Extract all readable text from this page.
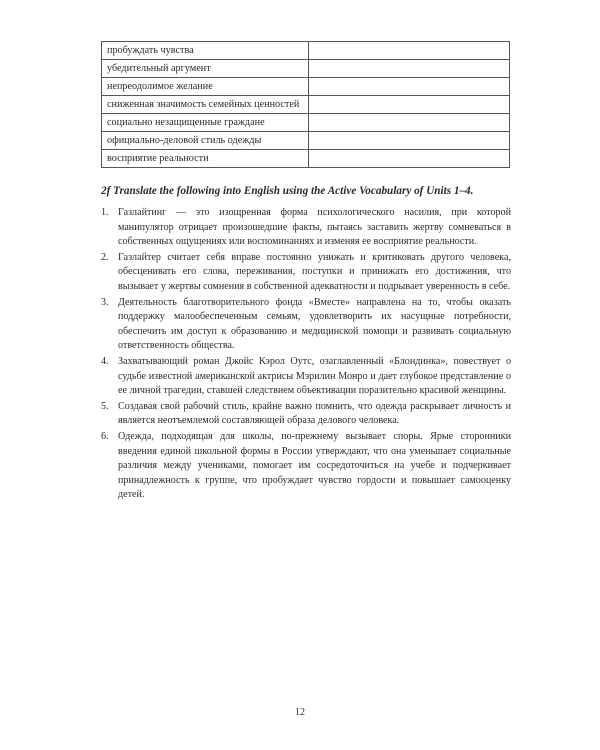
пробуждать чувства	
убедительный аргумент	
непреодолимое желание	
сниженная значимость семейных ценностей	
социально незащищенные граждане	
официально-деловой стиль одежды	
восприятие реальности	

2f Translate the following into English using the Active Vocabulary of Units 1–4.

1. Газлайтинг — это изощренная форма психологического насилия, при которой манипулятор отрицает произошедшие факты, пытаясь заставить жертву сомневаться в собственных ощущениях или воспоминаниях и изменяя ее восприятие реальности.
2. Газлайтер считает себя вправе постоянно унижать и критиковать другого человека, обесценивать его слова, переживания, поступки и принижать его достижения, что вызывает у жертвы сомнения в собственной адекватности и подрывает уверенность в себе.
3. Деятельность благотворительного фонда «Вместе» направлена на то, чтобы оказать поддержку малообеспеченным семьям, удовлетворить их насущные потребности, обеспечить им доступ к образованию и медицинской помощи и развивать социальную ответственность общества.
4. Захватывающий роман Джойс Кэрол Оутс, озаглавленный «Блондинка», повествует о судьбе известной американской актрисы Мэрилин Монро и дает глубокое представление о ее личной трагедии, ставшей следствием объективации поразительно красивой женщины.
5. Создавая свой рабочий стиль, крайне важно помнить, что одежда раскрывает личность и является неотъемлемой составляющей образа делового человека.
6. Одежда, подходящая для школы, по-прежнему вызывает споры. Ярые сторонники введения единой школьной формы в России утверждают, что она уменьшает социальные различия между учениками, помогает им сосредоточиться на учебе и подчеркивает принадлежность к группе, что пробуждает чувство гордости и повышает самооценку детей.
12
